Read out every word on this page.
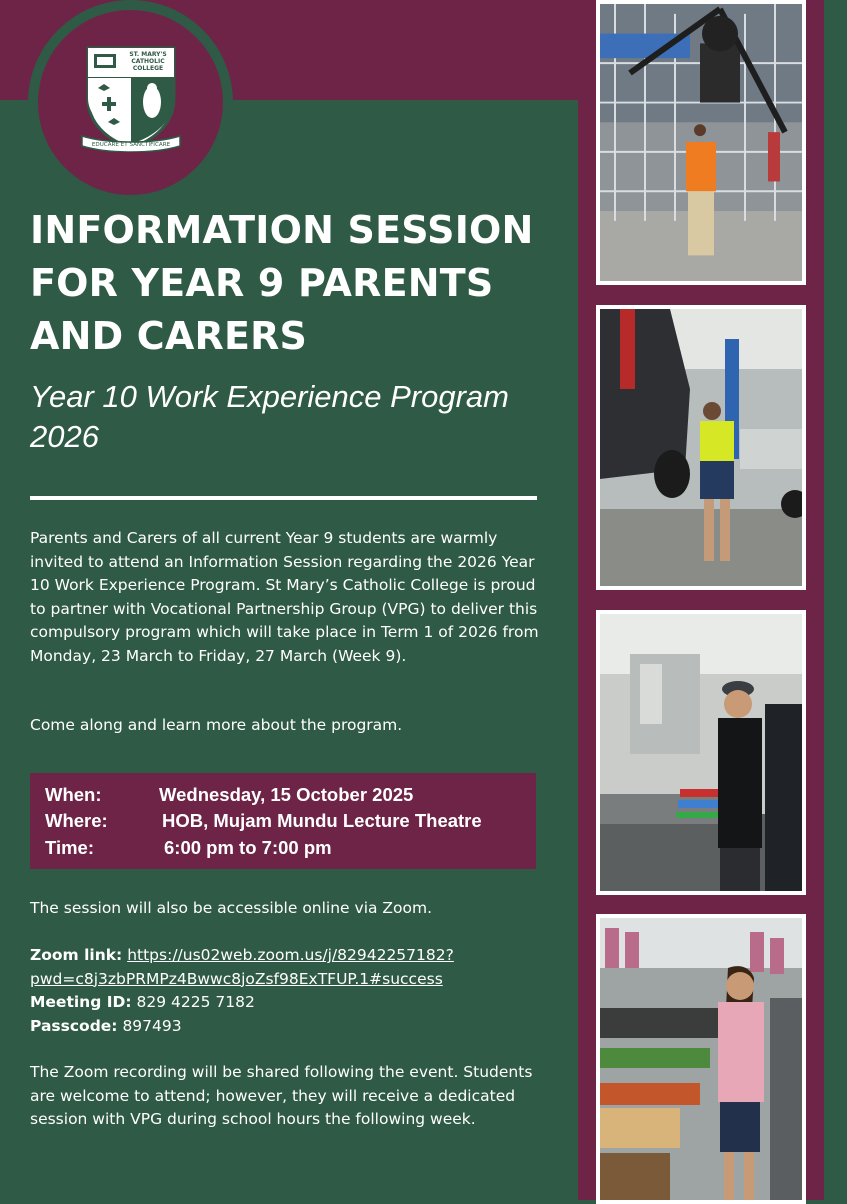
ST. MARY'S
CATHOLIC
COLLEGE
EDUCARE ET SANCTIFICARE
INFORMATION SESSION FOR YEAR 9 PARENTS AND CARERS
Year 10 Work Experience Program 2026

Parents and Carers of all current Year 9 students are warmly invited to attend an Information Session regarding the 2026 Year 10 Work Experience Program. St Mary’s Catholic College is proud to partner with Vocational Partnership Group (VPG) to deliver this compulsory program which will take place in Term 1 of 2026 from Monday, 23 March to Friday, 27 March (Week 9).

Come along and learn more about the program.

When:	Wednesday, 15 October 2025
Where:	HOB, Mujam Mundu Lecture Theatre
Time:	6:00 pm to 7:00 pm

The session will also be accessible online via Zoom.

Zoom link: https://us02web.zoom.us/j/82942257182?
pwd=c8j3zbPRMPz4Bwwc8joZsf98ExTFUP.1#success
Meeting ID: 829 4225 7182
Passcode: 897493

The Zoom recording will be shared following the event. Students are welcome to attend; however, they will receive a dedicated session with VPG during school hours the following week.
